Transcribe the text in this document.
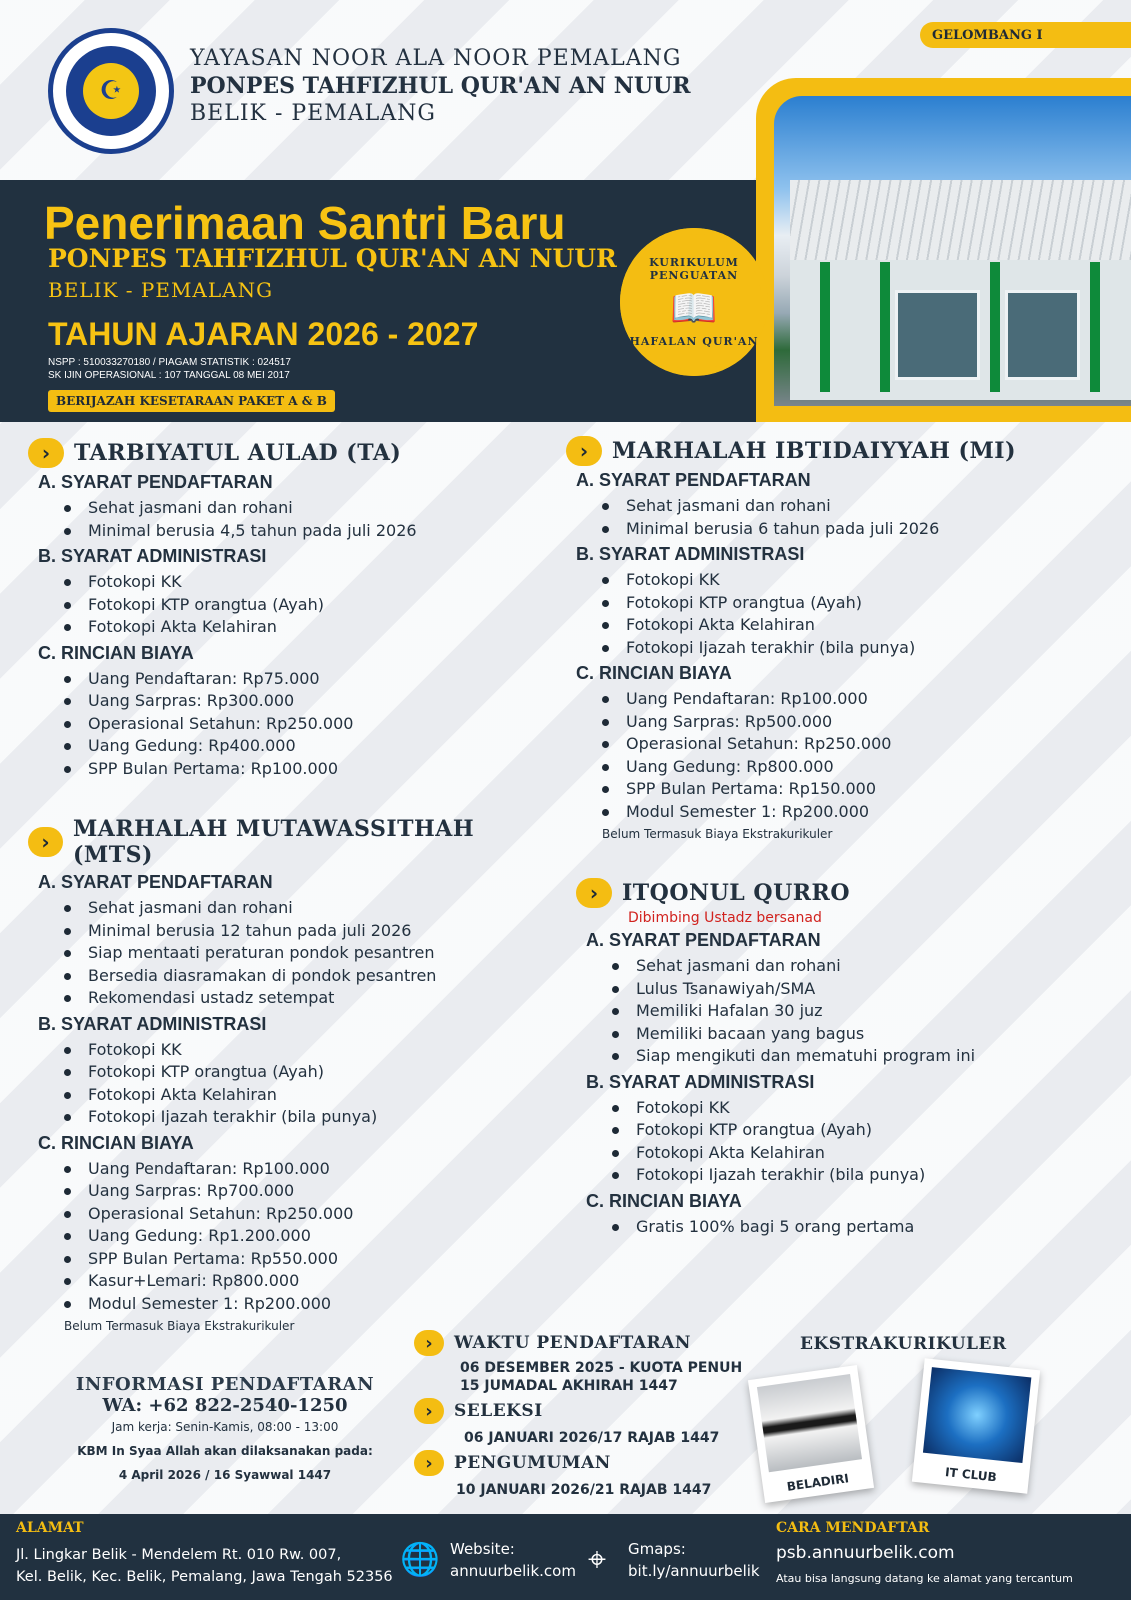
☪
YAYASAN NOOR ALA NOOR PEMALANG
PONPES TAHFIZHUL QUR'AN AN NUUR
BELIK - PEMALANG
GELOMBANG I
Penerimaan Santri Baru
PONPES TAHFIZHUL QUR'AN AN NUUR
BELIK - PEMALANG
TAHUN AJARAN 2026 - 2027
NSPP : 510033270180 / PIAGAM STATISTIK : 024517
SK IJIN OPERASIONAL : 107 TANGGAL 08 MEI 2017
BERIJAZAH KESETARAAN PAKET A & B
KURIKULUM PENGUATAN
📖
HAFALAN QUR'AN
›	TARBIYATUL AULAD (TA)
A. SYARAT PENDAFTARAN
Sehat jasmani dan rohani
Minimal berusia 4,5 tahun pada juli 2026
B. SYARAT ADMINISTRASI
Fotokopi KK
Fotokopi KTP orangtua (Ayah)
Fotokopi Akta Kelahiran
C. RINCIAN BIAYA
Uang Pendaftaran: Rp75.000
Uang Sarpras: Rp300.000
Operasional Setahun: Rp250.000
Uang Gedung: Rp400.000
SPP Bulan Pertama: Rp100.000
›	MARHALAH MUTAWASSITHAH (MTS)
A. SYARAT PENDAFTARAN
Sehat jasmani dan rohani
Minimal berusia 12 tahun pada juli 2026
Siap mentaati peraturan pondok pesantren
Bersedia diasramakan di pondok pesantren
Rekomendasi ustadz setempat
B. SYARAT ADMINISTRASI
Fotokopi KK
Fotokopi KTP orangtua (Ayah)
Fotokopi Akta Kelahiran
Fotokopi Ijazah terakhir (bila punya)
C. RINCIAN BIAYA
Uang Pendaftaran: Rp100.000
Uang Sarpras: Rp700.000
Operasional Setahun: Rp250.000
Uang Gedung: Rp1.200.000
SPP Bulan Pertama: Rp550.000
Kasur+Lemari: Rp800.000
Modul Semester 1: Rp200.000
Belum Termasuk Biaya Ekstrakurikuler
›	MARHALAH IBTIDAIYYAH (MI)
A. SYARAT PENDAFTARAN
Sehat jasmani dan rohani
Minimal berusia 6 tahun pada juli 2026
B. SYARAT ADMINISTRASI
Fotokopi KK
Fotokopi KTP orangtua (Ayah)
Fotokopi Akta Kelahiran
Fotokopi Ijazah terakhir (bila punya)
C. RINCIAN BIAYA
Uang Pendaftaran: Rp100.000
Uang Sarpras: Rp500.000
Operasional Setahun: Rp250.000
Uang Gedung: Rp800.000
SPP Bulan Pertama: Rp150.000
Modul Semester 1: Rp200.000
Belum Termasuk Biaya Ekstrakurikuler
›	ITQONUL QURRO
Dibimbing Ustadz bersanad
A. SYARAT PENDAFTARAN
Sehat jasmani dan rohani
Lulus Tsanawiyah/SMA
Memiliki Hafalan 30 juz
Memiliki bacaan yang bagus
Siap mengikuti dan mematuhi program ini
B. SYARAT ADMINISTRASI
Fotokopi KK
Fotokopi KTP orangtua (Ayah)
Fotokopi Akta Kelahiran
Fotokopi Ijazah terakhir (bila punya)
C. RINCIAN BIAYA
Gratis 100% bagi 5 orang pertama
INFORMASI PENDAFTARAN
WA: +62 822-2540-1250
Jam kerja: Senin-Kamis, 08:00 - 13:00
KBM In Syaa Allah akan dilaksanakan pada:
4 April 2026 / 16 Syawwal 1447
›	WAKTU PENDAFTARAN
06 DESEMBER 2025 - KUOTA PENUH
15 JUMADAL AKHIRAH 1447
›	SELEKSI
06 JANUARI 2026/17 RAJAB 1447
›	PENGUMUMAN
10 JANUARI 2026/21 RAJAB 1447
EKSTRAKURIKULER
BELADIRI	IT CLUB
ALAMAT
Jl. Lingkar Belik - Mendelem Rt. 010 Rw. 007,
Kel. Belik, Kec. Belik, Pemalang, Jawa Tengah 52356 🌐 Website:
annuurbelik.com ⌖ Gmaps:
bit.ly/annuurbelik
CARA MENDAFTAR
psb.annuurbelik.com
Atau bisa langsung datang ke alamat yang tercantum
